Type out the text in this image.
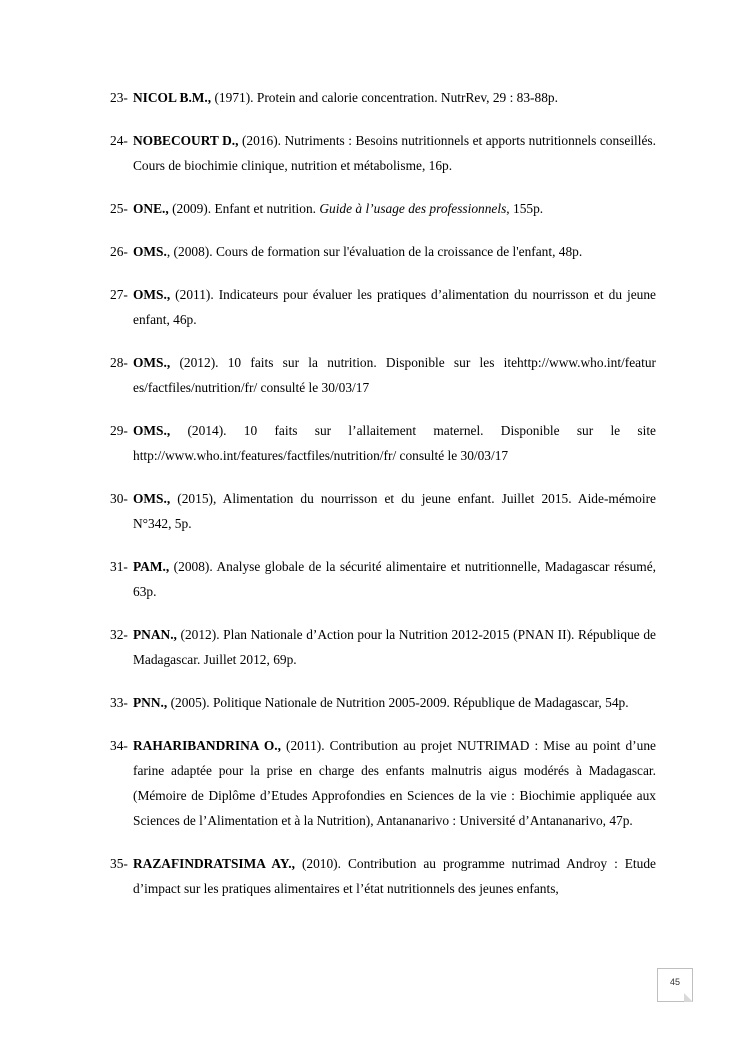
23- NICOL B.M., (1971). Protein and calorie concentration. NutrRev, 29 : 83-88p.
24- NOBECOURT D., (2016). Nutriments : Besoins nutritionnels et apports nutritionnels conseillés. Cours de biochimie clinique, nutrition et métabolisme, 16p.
25- ONE., (2009). Enfant et nutrition. Guide à l’usage des professionnels, 155p.
26- OMS., (2008). Cours de formation sur l'évaluation de la croissance de l'enfant, 48p.
27- OMS., (2011). Indicateurs pour évaluer les pratiques d’alimentation du nourrisson et du jeune enfant, 46p.
28- OMS., (2012). 10 faits sur la nutrition. Disponible sur les itehttp://www.who.int/featur es/factfiles/nutrition/fr/ consulté le 30/03/17
29- OMS., (2014). 10 faits sur l’allaitement maternel. Disponible sur le site http://www.who.int/features/factfiles/nutrition/fr/ consulté le 30/03/17
30- OMS., (2015), Alimentation du nourrisson et du jeune enfant. Juillet 2015. Aide-mémoire N°342, 5p.
31- PAM., (2008). Analyse globale de la sécurité alimentaire et nutritionnelle, Madagascar résumé, 63p.
32- PNAN., (2012). Plan Nationale d’Action pour la Nutrition 2012-2015 (PNAN II). République de Madagascar. Juillet 2012, 69p.
33- PNN., (2005). Politique Nationale de Nutrition 2005-2009. République de Madagascar, 54p.
34- RAHARIBANDRINA O., (2011). Contribution au projet NUTRIMAD : Mise au point d’une farine adaptée pour la prise en charge des enfants malnutris aigus modérés à Madagascar. (Mémoire de Diplôme d’Etudes Approfondies en Sciences de la vie : Biochimie appliquée aux Sciences de l’Alimentation et à la Nutrition), Antananarivo : Université d’Antananarivo, 47p.
35- RAZAFINDRATSIMA AY., (2010). Contribution au programme nutrimad Androy : Etude d’impact sur les pratiques alimentaires et l’état nutritionnels des jeunes enfants,
45
